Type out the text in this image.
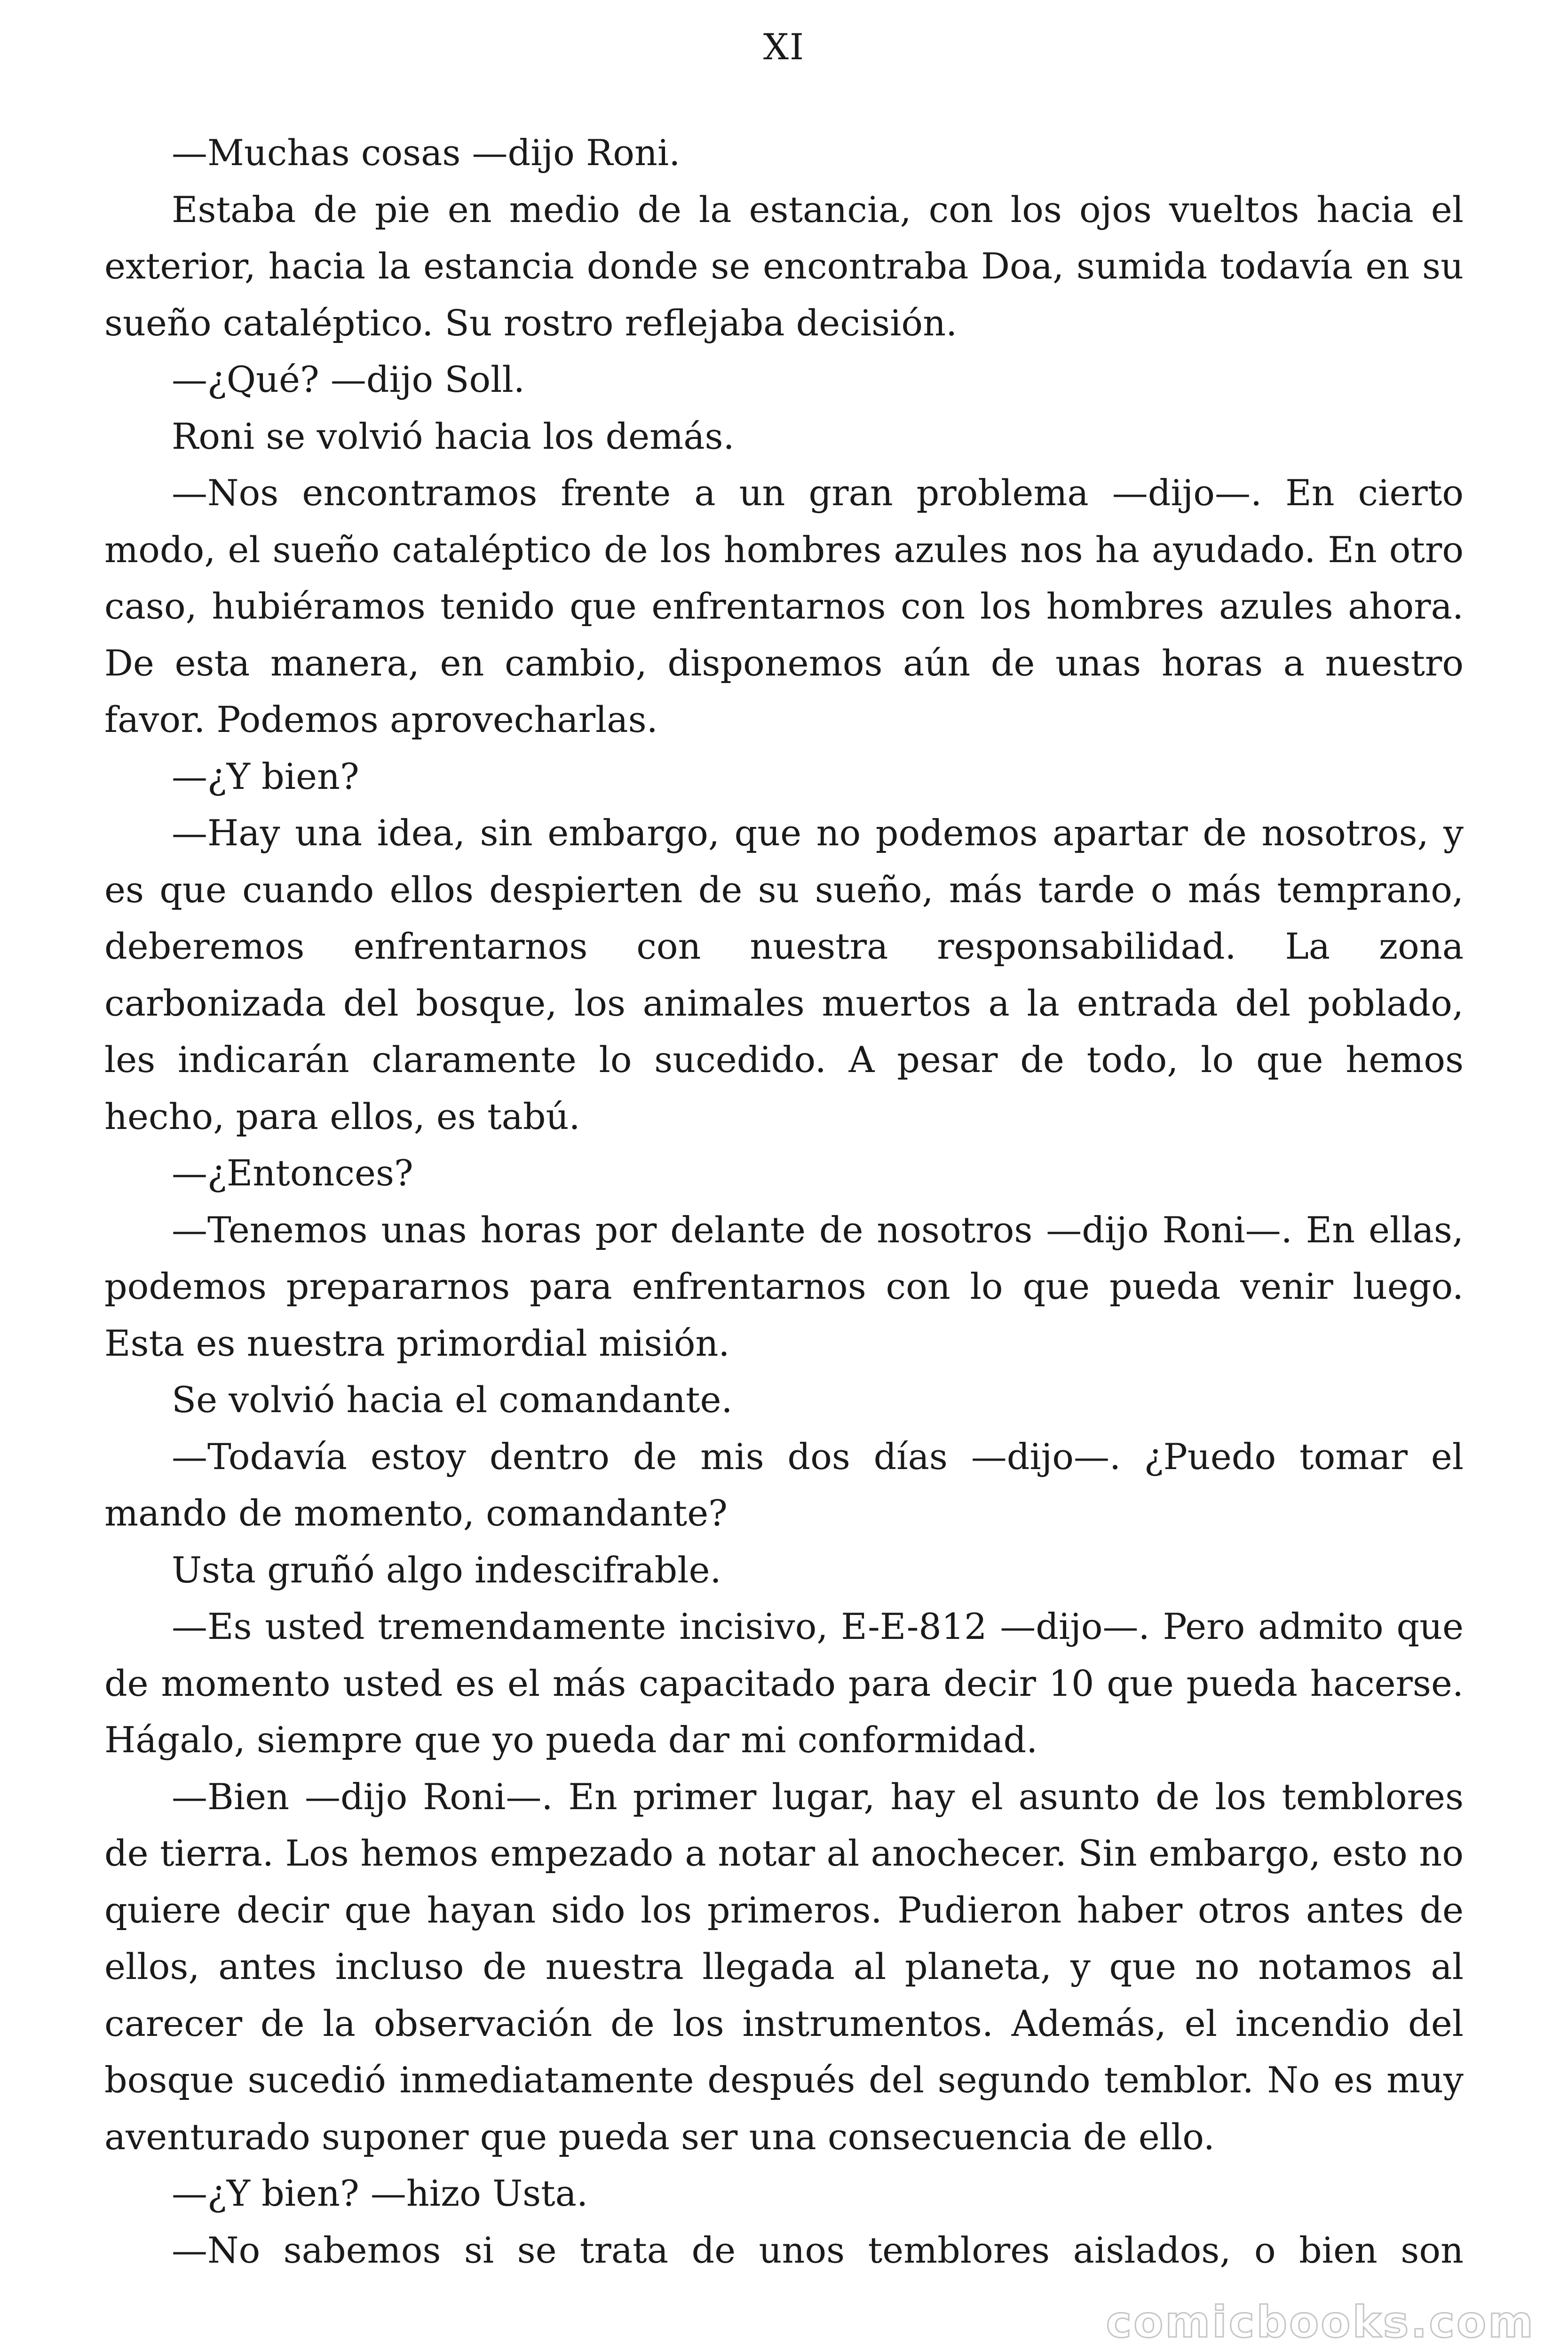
XI

—Muchas cosas —dijo Roni.

Estaba de pie en medio de la estancia, con los ojos vueltos hacia el exterior, hacia la estancia donde se encontraba Doa, sumida todavía en su sueño cataléptico. Su rostro reflejaba decisión.

—¿Qué? —dijo Soll.

Roni se volvió hacia los demás.

—Nos encontramos frente a un gran problema —dijo—. En cierto modo, el sueño cataléptico de los hombres azules nos ha ayudado. En otro caso, hubiéramos tenido que enfrentarnos con los hombres azules ahora. De esta manera, en cambio, disponemos aún de unas horas a nuestro favor. Podemos aprovecharlas.

—¿Y bien?

—Hay una idea, sin embargo, que no podemos apartar de nosotros, y es que cuando ellos despierten de su sueño, más tarde o más temprano, deberemos enfrentarnos con nuestra responsabilidad. La zona carbonizada del bosque, los animales muertos a la entrada del poblado, les indicarán claramente lo sucedido. A pesar de todo, lo que hemos hecho, para ellos, es tabú.

—¿Entonces?

—Tenemos unas horas por delante de nosotros —dijo Roni—. En ellas, podemos prepararnos para enfrentarnos con lo que pueda venir luego. Esta es nuestra primordial misión.

Se volvió hacia el comandante.

—Todavía estoy dentro de mis dos días —dijo—. ¿Puedo tomar el mando de momento, comandante?

Usta gruñó algo indescifrable.

—Es usted tremendamente incisivo, E-E-812 —dijo—. Pero admito que de momento usted es el más capacitado para decir 10 que pueda hacerse. Hágalo, siempre que yo pueda dar mi conformidad.

—Bien —dijo Roni—. En primer lugar, hay el asunto de los temblores de tierra. Los hemos empezado a notar al anochecer. Sin embargo, esto no quiere decir que hayan sido los primeros. Pudieron haber otros antes de ellos, antes incluso de nuestra llegada al planeta, y que no notamos al carecer de la observación de los instrumentos. Además, el incendio del bosque sucedió inmediatamente después del segundo temblor. No es muy aventurado suponer que pueda ser una consecuencia de ello.

—¿Y bien? —hizo Usta.

—No sabemos si se trata de unos temblores aislados, o bien son

comicbooks.com
